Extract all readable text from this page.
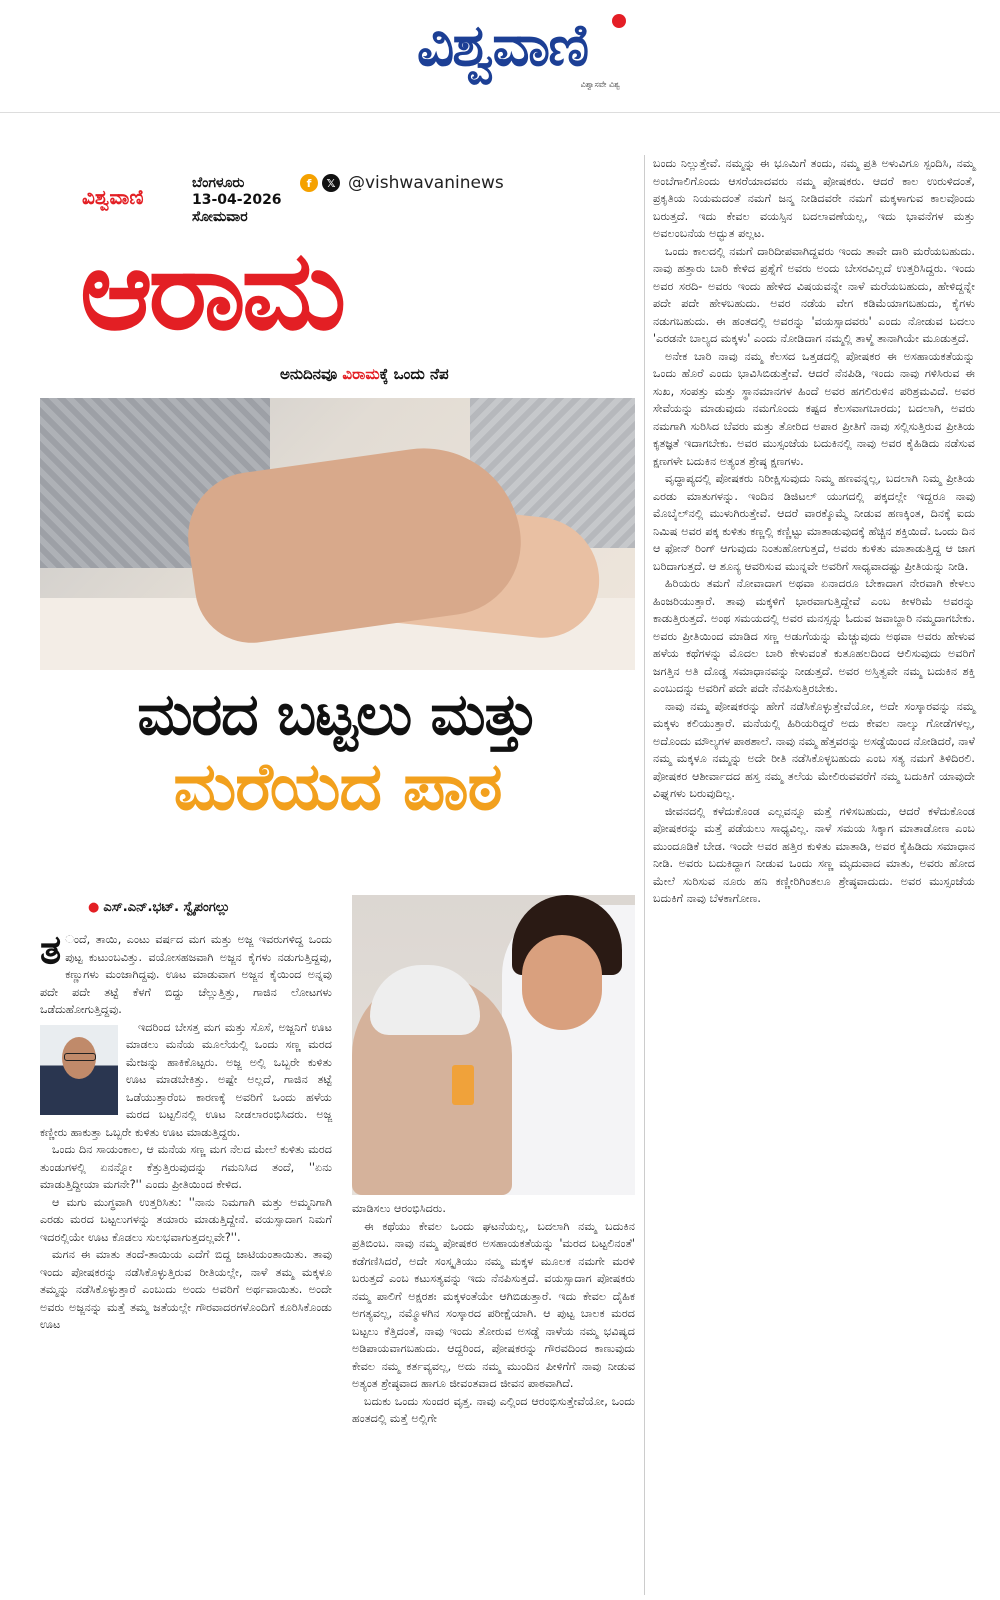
ವಿಶ್ವವಾಣಿ
ವಿಶ್ವಾಸವೇ ವಿಶ್ವ
ವಿಶ್ವವಾಣಿ
ಬೆಂಗಳೂರು
13-04-2026
ಸೋಮವಾರ
f	𝕏 @vishwavaninews
ಆರಾಮ
ಅನುದಿನವೂ ವಿರಾಮಕ್ಕೆ ಒಂದು ನೆಪ
ಮರದ ಬಟ್ಟಲು ಮತ್ತು
ಮರೆಯದ ಪಾಠ
● ಎಸ್.ಎನ್.ಭಟ್. ಸ್ವೈಪಂಗಲ್ಲು
ತ ಂದೆ, ತಾಯಿ, ಎಂಟು ವರ್ಷದ ಮಗ ಮತ್ತು ಅಜ್ಜ ಇವರುಗಳಿದ್ದ ಒಂದು ಪುಟ್ಟ ಕುಟುಂಬವಿತ್ತು. ವಯೋಸಹಜವಾಗಿ ಅಜ್ಜನ ಕೈಗಳು ನಡುಗುತ್ತಿದ್ದವು, ಕಣ್ಣುಗಳು ಮಂಜಾಗಿದ್ದವು. ಊಟ ಮಾಡುವಾಗ ಅಜ್ಜನ ಕೈಯಿಂದ ಅನ್ನವು ಪದೇ ಪದೇ ತಟ್ಟೆ ಕೆಳಗೆ ಬಿದ್ದು ಚೆಲ್ಲುತ್ತಿತ್ತು, ಗಾಜಿನ ಲೋಟಗಳು ಒಡೆದುಹೋಗುತ್ತಿದ್ದವು.

ಇದರಿಂದ ಬೇಸತ್ತ ಮಗ ಮತ್ತು ಸೊಸೆ, ಅಜ್ಜನಿಗೆ ಊಟ ಮಾಡಲು ಮನೆಯ ಮೂಲೆಯಲ್ಲಿ ಒಂದು ಸಣ್ಣ ಮರದ ಮೇಜನ್ನು ಹಾಕಿಕೊಟ್ಟರು. ಅಜ್ಜ ಅಲ್ಲಿ ಒಬ್ಬರೇ ಕುಳಿತು ಊಟ ಮಾಡಬೇಕಿತ್ತು. ಅಷ್ಟೇ ಅಲ್ಲದೆ, ಗಾಜಿನ ತಟ್ಟೆ ಒಡೆಯುತ್ತಾರೆಂಬ ಕಾರಣಕ್ಕೆ ಅವರಿಗೆ ಒಂದು ಹಳೆಯ ಮರದ ಬಟ್ಟಲಿನಲ್ಲಿ ಊಟ ನೀಡಲಾರಂಭಿಸಿದರು. ಅಜ್ಜ ಕಣ್ಣೀರು ಹಾಕುತ್ತಾ ಒಬ್ಬರೇ ಕುಳಿತು ಊಟ ಮಾಡುತ್ತಿದ್ದರು.

ಒಂದು ದಿನ ಸಾಯಂಕಾಲ, ಆ ಮನೆಯ ಸಣ್ಣ ಮಗ ನೆಲದ ಮೇಲೆ ಕುಳಿತು ಮರದ ತುಂಡುಗಳಲ್ಲಿ ಏನನ್ನೋ ಕೆತ್ತುತ್ತಿರುವುದನ್ನು ಗಮನಿಸಿದ ತಂದೆ, ''ಏನು ಮಾಡುತ್ತಿದ್ದೀಯಾ ಮಗನೇ?'' ಎಂದು ಪ್ರೀತಿಯಿಂದ ಕೇಳಿದ.

ಆ ಮಗು ಮುಗ್ಧವಾಗಿ ಉತ್ತರಿಸಿತು: ''ನಾನು ನಿಮಗಾಗಿ ಮತ್ತು ಅಮ್ಮನಿಗಾಗಿ ಎರಡು ಮರದ ಬಟ್ಟಲುಗಳನ್ನು ತಯಾರು ಮಾಡುತ್ತಿದ್ದೇನೆ. ವಯಸ್ಸಾದಾಗ ನಿಮಗೆ ಇದರಲ್ಲಿಯೇ ಊಟ ಕೊಡಲು ಸುಲಭವಾಗುತ್ತದಲ್ಲವೇ?''.

ಮಗನ ಈ ಮಾತು ತಂದೆ-ತಾಯಿಯ ಎದೆಗೆ ಬಿದ್ದ ಚಾಟಿಯಂತಾಯಿತು. ತಾವು ಇಂದು ಪೋಷಕರನ್ನು ನಡೆಸಿಕೊಳ್ಳುತ್ತಿರುವ ರೀತಿಯಲ್ಲೇ, ನಾಳೆ ತಮ್ಮ ಮಕ್ಕಳೂ ತಮ್ಮನ್ನು ನಡೆಸಿಕೊಳ್ಳುತ್ತಾರೆ ಎಂಬುದು ಅಂದು ಅವರಿಗೆ ಅರ್ಥವಾಯಿತು. ಅಂದೇ ಅವರು ಅಜ್ಜನನ್ನು ಮತ್ತೆ ತಮ್ಮ ಜತೆಯಲ್ಲೇ ಗೌರವಾದರಗಳೊಂದಿಗೆ ಕೂರಿಸಿಕೊಂಡು ಊಟ

ಮಾಡಿಸಲು ಆರಂಭಿಸಿದರು.

ಈ ಕಥೆಯು ಕೇವಲ ಒಂದು ಘಟನೆಯಲ್ಲ, ಬದಲಾಗಿ ನಮ್ಮ ಬದುಕಿನ ಪ್ರತಿಬಿಂಬ. ನಾವು ನಮ್ಮ ಪೋಷಕರ ಅಸಹಾಯಕತೆಯನ್ನು 'ಮರದ ಬಟ್ಟಲಿನಂತೆ' ಕಡೆಗಣಿಸಿದರೆ, ಅದೇ ಸಂಸ್ಕೃತಿಯು ನಮ್ಮ ಮಕ್ಕಳ ಮೂಲಕ ನಮಗೇ ಮರಳಿ ಬರುತ್ತದೆ ಎಂಬ ಕಟುಸತ್ಯವನ್ನು ಇದು ನೆನಪಿಸುತ್ತದೆ. ವಯಸ್ಸಾದಾಗ ಪೋಷಕರು ನಮ್ಮ ಪಾಲಿಗೆ ಅಕ್ಷರಶಃ ಮಕ್ಕಳಂತೆಯೇ ಆಗಿಬಿಡುತ್ತಾರೆ. ಇದು ಕೇವಲ ದೈಹಿಕ ಅಗತ್ಯವಲ್ಲ, ನಮ್ಮೊಳಗಿನ ಸಂಸ್ಕಾರದ ಪರೀಕ್ಷೆಯಾಗಿ. ಆ ಪುಟ್ಟ ಬಾಲಕ ಮರದ ಬಟ್ಟಲು ಕೆತ್ತಿದಂತೆ, ನಾವು ಇಂದು ತೋರುವ ಅಸಡ್ಡೆ ನಾಳೆಯ ನಮ್ಮ ಭವಿಷ್ಯದ ಅಡಿಪಾಯವಾಗಬಹುದು. ಆದ್ದರಿಂದ, ಪೋಷಕರನ್ನು ಗೌರವದಿಂದ ಕಾಣುವುದು ಕೇವಲ ನಮ್ಮ ಕರ್ತವ್ಯವಲ್ಲ, ಅದು ನಮ್ಮ ಮುಂದಿನ ಪೀಳಿಗೆಗೆ ನಾವು ನೀಡುವ ಅತ್ಯಂತ ಶ್ರೇಷ್ಠವಾದ ಹಾಗೂ ಜೀವಂತವಾದ ಜೀವನ ಪಾಠವಾಗಿದೆ.

ಬದುಕು ಒಂದು ಸುಂದರ ವೃತ್ತ. ನಾವು ಎಲ್ಲಿಂದ ಆರಂಭಿಸುತ್ತೇವೆಯೋ, ಒಂದು ಹಂತದಲ್ಲಿ ಮತ್ತೆ ಅಲ್ಲಿಗೇ

ಬಂದು ನಿಲ್ಲುತ್ತೇವೆ. ನಮ್ಮನ್ನು ಈ ಭೂಮಿಗೆ ತಂದು, ನಮ್ಮ ಪ್ರತಿ ಅಳುವಿಗೂ ಸ್ಪಂದಿಸಿ, ನಮ್ಮ ಅಂಬೆಗಾಲಿಗೊಂದು ಆಸರೆಯಾದವರು ನಮ್ಮ ಪೋಷಕರು. ಆದರೆ ಕಾಲ ಉರುಳಿದಂತೆ, ಪ್ರಕೃತಿಯ ನಿಯಮದಂತೆ ನಮಗೆ ಜನ್ಮ ನೀಡಿದವರೇ ನಮಗೆ ಮಕ್ಕಳಾಗುವ ಕಾಲವೊಂದು ಬರುತ್ತದೆ. ಇದು ಕೇವಲ ವಯಸ್ಸಿನ ಬದಲಾವಣೆಯಲ್ಲ, ಇದು ಭಾವನೆಗಳ ಮತ್ತು ಅವಲಂಬನೆಯ ಅದ್ಭುತ ಪಲ್ಲಟ.

ಒಂದು ಕಾಲದಲ್ಲಿ ನಮಗೆ ದಾರಿದೀಪವಾಗಿದ್ದವರು ಇಂದು ತಾವೇ ದಾರಿ ಮರೆಯಬಹುದು. ನಾವು ಹತ್ತಾರು ಬಾರಿ ಕೇಳಿದ ಪ್ರಶ್ನೆಗೆ ಅವರು ಅಂದು ಬೇಸರವಿಲ್ಲದೆ ಉತ್ತರಿಸಿದ್ದರು. ಇಂದು ಅವರ ಸರದಿ- ಅವರು ಇಂದು ಹೇಳಿದ ವಿಷಯವನ್ನೇ ನಾಳೆ ಮರೆಯಬಹುದು, ಹೇಳಿದ್ದನ್ನೇ ಪದೇ ಪದೇ ಹೇಳಬಹುದು. ಅವರ ನಡೆಯ ವೇಗ ಕಡಿಮೆಯಾಗಬಹುದು, ಕೈಗಳು ನಡುಗಬಹುದು. ಈ ಹಂತದಲ್ಲಿ ಅವರನ್ನು 'ವಯಸ್ಸಾದವರು' ಎಂದು ನೋಡುವ ಬದಲು 'ಎರಡನೇ ಬಾಲ್ಯದ ಮಕ್ಕಳು' ಎಂದು ನೋಡಿದಾಗ ನಮ್ಮಲ್ಲಿ ತಾಳ್ಮೆ ತಾನಾಗಿಯೇ ಮೂಡುತ್ತದೆ.

ಅನೇಕ ಬಾರಿ ನಾವು ನಮ್ಮ ಕೆಲಸದ ಒತ್ತಡದಲ್ಲಿ ಪೋಷಕರ ಈ ಅಸಹಾಯಕತೆಯನ್ನು ಒಂದು ಹೊರೆ ಎಂದು ಭಾವಿಸಿಬಿಡುತ್ತೇವೆ. ಆದರೆ ನೆನಪಿಡಿ, ಇಂದು ನಾವು ಗಳಿಸಿರುವ ಈ ಸುಖ, ಸಂಪತ್ತು ಮತ್ತು ಸ್ಥಾನಮಾನಗಳ ಹಿಂದೆ ಅವರ ಹಗಲಿರುಳಿನ ಪರಿಶ್ರಮವಿದೆ. ಅವರ ಸೇವೆಯನ್ನು ಮಾಡುವುದು ನಮಗೊಂದು ಕಷ್ಟದ ಕೆಲಸವಾಗಬಾರದು; ಬದಲಾಗಿ, ಅವರು ನಮಗಾಗಿ ಸುರಿಸಿದ ಬೆವರು ಮತ್ತು ತೋರಿದ ಅಪಾರ ಪ್ರೀತಿಗೆ ನಾವು ಸಲ್ಲಿಸುತ್ತಿರುವ ಪ್ರೀತಿಯ ಕೃತಜ್ಞತೆ ಇದಾಗಬೇಕು. ಅವರ ಮುಸ್ಸಂಜೆಯ ಬದುಕಿನಲ್ಲಿ ನಾವು ಅವರ ಕೈಹಿಡಿದು ನಡೆಸುವ ಕ್ಷಣಗಳೇ ಬದುಕಿನ ಅತ್ಯಂತ ಶ್ರೇಷ್ಠ ಕ್ಷಣಗಳು.

ವೃದ್ಧಾಪ್ಯದಲ್ಲಿ ಪೋಷಕರು ನಿರೀಕ್ಷಿಸುವುದು ನಿಮ್ಮ ಹಣವನ್ನಲ್ಲ, ಬದಲಾಗಿ ನಿಮ್ಮ ಪ್ರೀತಿಯ ಎರಡು ಮಾತುಗಳನ್ನು. ಇಂದಿನ ಡಿಜಿಟಲ್ ಯುಗದಲ್ಲಿ ಪಕ್ಕದಲ್ಲೇ ಇದ್ದರೂ ನಾವು ಮೊಬೈಲ್‌ನಲ್ಲಿ ಮುಳುಗಿರುತ್ತೇವೆ. ಆದರೆ ವಾರಕ್ಕೊಮ್ಮೆ ನೀಡುವ ಹಣಕ್ಕಿಂತ, ದಿನಕ್ಕೆ ಐದು ನಿಮಿಷ ಅವರ ಪಕ್ಕ ಕುಳಿತು ಕಣ್ಣಲ್ಲಿ ಕಣ್ಣಿಟ್ಟು ಮಾತಾಡುವುದಕ್ಕೆ ಹೆಚ್ಚಿನ ಶಕ್ತಿಯಿದೆ. ಒಂದು ದಿನ ಆ ಫೋನ್ ರಿಂಗ್ ಆಗುವುದು ನಿಂತುಹೋಗುತ್ತದೆ, ಅವರು ಕುಳಿತು ಮಾತಾಡುತ್ತಿದ್ದ ಆ ಜಾಗ ಬರಿದಾಗುತ್ತದೆ. ಆ ಶೂನ್ಯ ಆವರಿಸುವ ಮುನ್ನವೇ ಅವರಿಗೆ ಸಾಧ್ಯವಾದಷ್ಟು ಪ್ರೀತಿಯನ್ನು ನೀಡಿ.

ಹಿರಿಯರು ತಮಗೆ ನೋವಾದಾಗ ಅಥವಾ ಏನಾದರೂ ಬೇಕಾದಾಗ ನೇರವಾಗಿ ಕೇಳಲು ಹಿಂಜರಿಯುತ್ತಾರೆ. ತಾವು ಮಕ್ಕಳಿಗೆ ಭಾರವಾಗುತ್ತಿದ್ದೇವೆ ಎಂಬ ಕೀಳರಿಮೆ ಅವರನ್ನು ಕಾಡುತ್ತಿರುತ್ತದೆ. ಅಂಥ ಸಮಯದಲ್ಲಿ ಅವರ ಮನಸ್ಸನ್ನು ಓದುವ ಜವಾಬ್ದಾರಿ ನಮ್ಮದಾಗಬೇಕು. ಅವರು ಪ್ರೀತಿಯಿಂದ ಮಾಡಿದ ಸಣ್ಣ ಅಡುಗೆಯನ್ನು ಮೆಚ್ಚುವುದು ಅಥವಾ ಅವರು ಹೇಳುವ ಹಳೆಯ ಕಥೆಗಳನ್ನು ಮೊದಲ ಬಾರಿ ಕೇಳುವಂತೆ ಕುತೂಹಲದಿಂದ ಆಲಿಸುವುದು ಅವರಿಗೆ ಜಗತ್ತಿನ ಅತಿ ದೊಡ್ಡ ಸಮಾಧಾನವನ್ನು ನೀಡುತ್ತದೆ. ಅವರ ಅಸ್ತಿತ್ವವೇ ನಮ್ಮ ಬದುಕಿನ ಶಕ್ತಿ ಎಂಬುದನ್ನು ಅವರಿಗೆ ಪದೇ ಪದೇ ನೆನಪಿಸುತ್ತಿರಬೇಕು.

ನಾವು ನಮ್ಮ ಪೋಷಕರನ್ನು ಹೇಗೆ ನಡೆಸಿಕೊಳ್ಳುತ್ತೇವೆಯೋ, ಅದೇ ಸಂಸ್ಕಾರವನ್ನು ನಮ್ಮ ಮಕ್ಕಳು ಕಲಿಯುತ್ತಾರೆ. ಮನೆಯಲ್ಲಿ ಹಿರಿಯರಿದ್ದರೆ ಅದು ಕೇವಲ ನಾಲ್ಕು ಗೋಡೆಗಳಲ್ಲ, ಅದೊಂದು ಮೌಲ್ಯಗಳ ಪಾಠಶಾಲೆ. ನಾವು ನಮ್ಮ ಹೆತ್ತವರನ್ನು ಅಸಡ್ಡೆಯಿಂದ ನೋಡಿದರೆ, ನಾಳೆ ನಮ್ಮ ಮಕ್ಕಳೂ ನಮ್ಮನ್ನು ಅದೇ ರೀತಿ ನಡೆಸಿಕೊಳ್ಳಬಹುದು ಎಂಬ ಸತ್ಯ ನಮಗೆ ತಿಳಿದಿರಲಿ. ಪೋಷಕರ ಆಶೀರ್ವಾದದ ಹಸ್ತ ನಮ್ಮ ತಲೆಯ ಮೇಲಿರುವವರೆಗೆ ನಮ್ಮ ಬದುಕಿಗೆ ಯಾವುದೇ ವಿಘ್ನಗಳು ಬರುವುದಿಲ್ಲ.

ಜೀವನದಲ್ಲಿ ಕಳೆದುಕೊಂಡ ಎಲ್ಲವನ್ನೂ ಮತ್ತೆ ಗಳಿಸಬಹುದು, ಆದರೆ ಕಳೆದುಕೊಂಡ ಪೋಷಕರನ್ನು ಮತ್ತೆ ಪಡೆಯಲು ಸಾಧ್ಯವಿಲ್ಲ. ನಾಳೆ ಸಮಯ ಸಿಕ್ಕಾಗ ಮಾತಾಡೋಣ ಎಂಬ ಮುಂದೂಡಿಕೆ ಬೇಡ. ಇಂದೇ ಅವರ ಹತ್ತಿರ ಕುಳಿತು ಮಾತಾಡಿ, ಅವರ ಕೈಹಿಡಿದು ಸಮಾಧಾನ ನೀಡಿ. ಅವರು ಬದುಕಿದ್ದಾಗ ನೀಡುವ ಒಂದು ಸಣ್ಣ ಮೃದುವಾದ ಮಾತು, ಅವರು ಹೋದ ಮೇಲೆ ಸುರಿಸುವ ನೂರು ಹನಿ ಕಣ್ಣೀರಿಗಿಂತಲೂ ಶ್ರೇಷ್ಠವಾದುದು. ಅವರ ಮುಸ್ಸಂಜೆಯ ಬದುಕಿಗೆ ನಾವು ಬೆಳಕಾಗೋಣ.
